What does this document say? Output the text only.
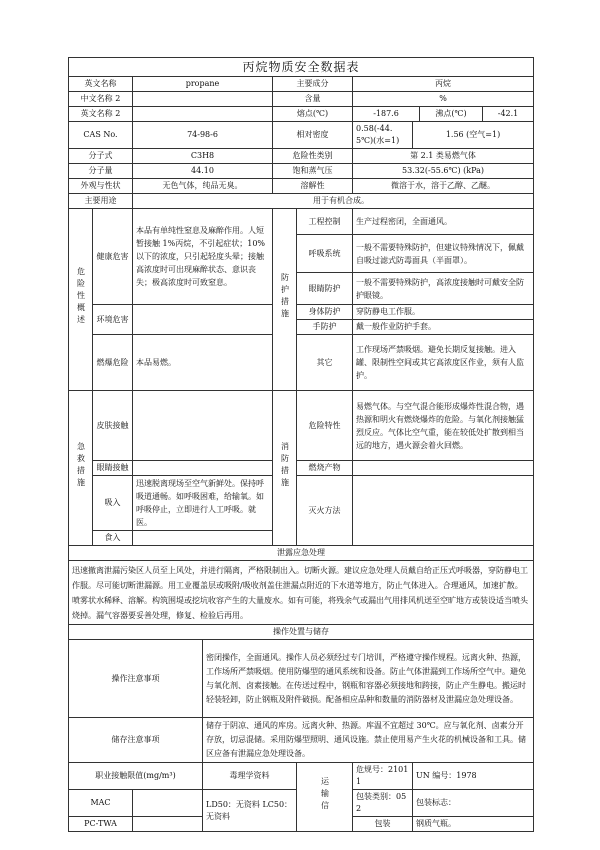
丙烷物质安全数据表
英文名称	propane	主要成分	丙烷
中文名称 2		含量	%
英文名称 2		熔点(℃)		-187.6	沸点(℃)	-42.1

CAS No.	74-98-6	相对密度	0.58(-44.5℃)(水=1)	1.56 (空气=1)
分子式	C3H8	危险性类别	第 2.1 类易燃气体
分子量	44.10	饱和蒸气压	53.32(-55.6℃) (kPa)
外观与性状	无色气体，纯品无臭。	溶解性	微溶于水，溶于乙醇、乙醚。
主要用途	用于有机合成。
危险性概述	健康危害	本品有单纯性窒息及麻醉作用。人短暂接触 1%丙烷，不引起症状；10%以下的浓度，只引起轻度头晕；接触高浓度时可出现麻醉状态、意识丧失；极高浓度时可致窒息。	防护措施	工程控制	生产过程密闭，全面通风。
呼吸系统	一般不需要特殊防护，但建议特殊情况下，佩戴自吸过滤式防毒面具（半面罩）。
眼睛防护	一般不需要特殊防护，高浓度接触时可戴安全防护眼镜。
环境危害		身体防护	穿防静电工作服。
手防护	戴一般作业防护手套。
燃爆危险	本品易燃。	其它	工作现场严禁吸烟。避免长期反复接触。进入罐、限制性空间或其它高浓度区作业，须有人监护。
急救措施	皮肤接触		消防措施	危险特性	易燃气体。与空气混合能形成爆炸性混合物，遇热源和明火有燃烧爆炸的危险。与氧化剂接触猛烈反应。气体比空气重，能在较低处扩散到相当远的地方，遇火源会着火回燃。
眼睛接触		燃烧产物	
吸入	迅速脱离现场至空气新鲜处。保持呼吸道通畅。如呼吸困难，给输氧。如呼吸停止，立即进行人工呼吸。就医。	灭火方法	
食入	
泄露应急处理
迅速撤离泄漏污染区人员至上风处，并进行隔离，严格限制出入。切断火源。建议应急处理人员戴自给正压式呼吸器，穿防静电工作服。尽可能切断泄漏源。用工业覆盖层或吸附/吸收剂盖住泄漏点附近的下水道等地方，防止气体进入。合理通风，加速扩散。喷雾状水稀释、溶解。构筑围堤或挖坑收容产生的大量废水。如有可能，将残余气或漏出气用排风机送至空旷地方或装设适当喷头烧掉。漏气容器要妥善处理，修复、检验后再用。
操作处置与储存
操作注意事项	密闭操作，全面通风。操作人员必须经过专门培训，严格遵守操作规程。远离火种、热源，工作场所严禁吸烟。使用防爆型的通风系统和设备。防止气体泄漏到工作场所空气中。避免与氧化剂、卤素接触。在传送过程中，钢瓶和容器必须接地和跨接，防止产生静电。搬运时轻装轻卸，防止钢瓶及附件破损。配备相应品种和数量的消防器材及泄漏应急处理设备。
储存注意事项	储存于阴凉、通风的库房。远离火种、热源。库温不宜超过 30℃。应与氧化剂、卤素分开存放，切忌混储。采用防爆型照明、通风设施。禁止使用易产生火花的机械设备和工具。储区应备有泄漏应急处理设备。
职业接触限值(mg/m³)	毒理学资料	运输信	危规号：21011	UN 编号：1978
MAC		LD50：无资料 LC50：无资料	包装类别：052	包装标志：
PC-TWA		包装	钢质气瓶。
